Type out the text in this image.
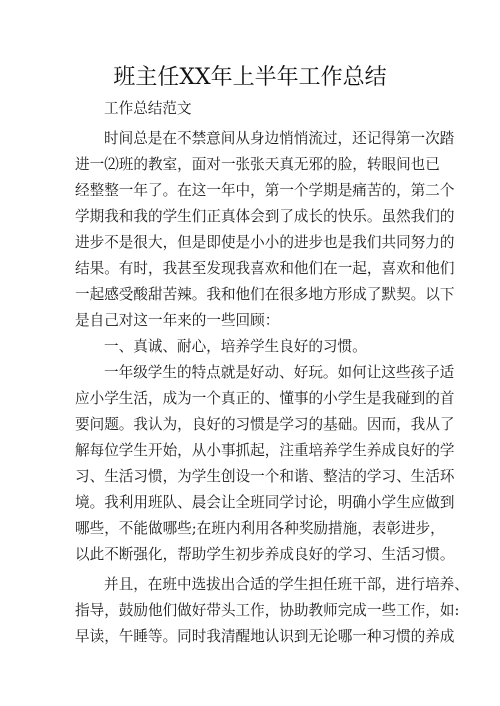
班主任XX年上半年工作总结
工作总结范文
时间总是在不禁意间从身边悄悄流过，还记得第一次踏
进一⑵班的教室，面对一张张天真无邪的脸，转眼间也已
经整整一年了。在这一年中，第一个学期是痛苦的，第二个
学期我和我的学生们正真体会到了成长的快乐。虽然我们的
进步不是很大，但是即使是小小的进步也是我们共同努力的
结果。有时，我甚至发现我喜欢和他们在一起，喜欢和他们
一起感受酸甜苦辣。我和他们在很多地方形成了默契。以下
是自己对这一年来的一些回顾：
一、真诚、耐心，培养学生良好的习惯。
一年级学生的特点就是好动、好玩。如何让这些孩子适
应小学生活，成为一个真正的、懂事的小学生是我碰到的首
要问题。我认为，良好的习惯是学习的基础。因而，我从了
解每位学生开始，从小事抓起，注重培养学生养成良好的学
习、生活习惯，为学生创设一个和谐、整洁的学习、生活环
境。我利用班队、晨会让全班同学讨论，明确小学生应做到
哪些，不能做哪些;在班内利用各种奖励措施，表彰进步，
以此不断强化，帮助学生初步养成良好的学习、生活习惯。
并且，在班中选拔出合适的学生担任班干部，进行培养、
指导，鼓励他们做好带头工作，协助教师完成一些工作，如:
早读，午睡等。同时我清醒地认识到无论哪一种习惯的养成
